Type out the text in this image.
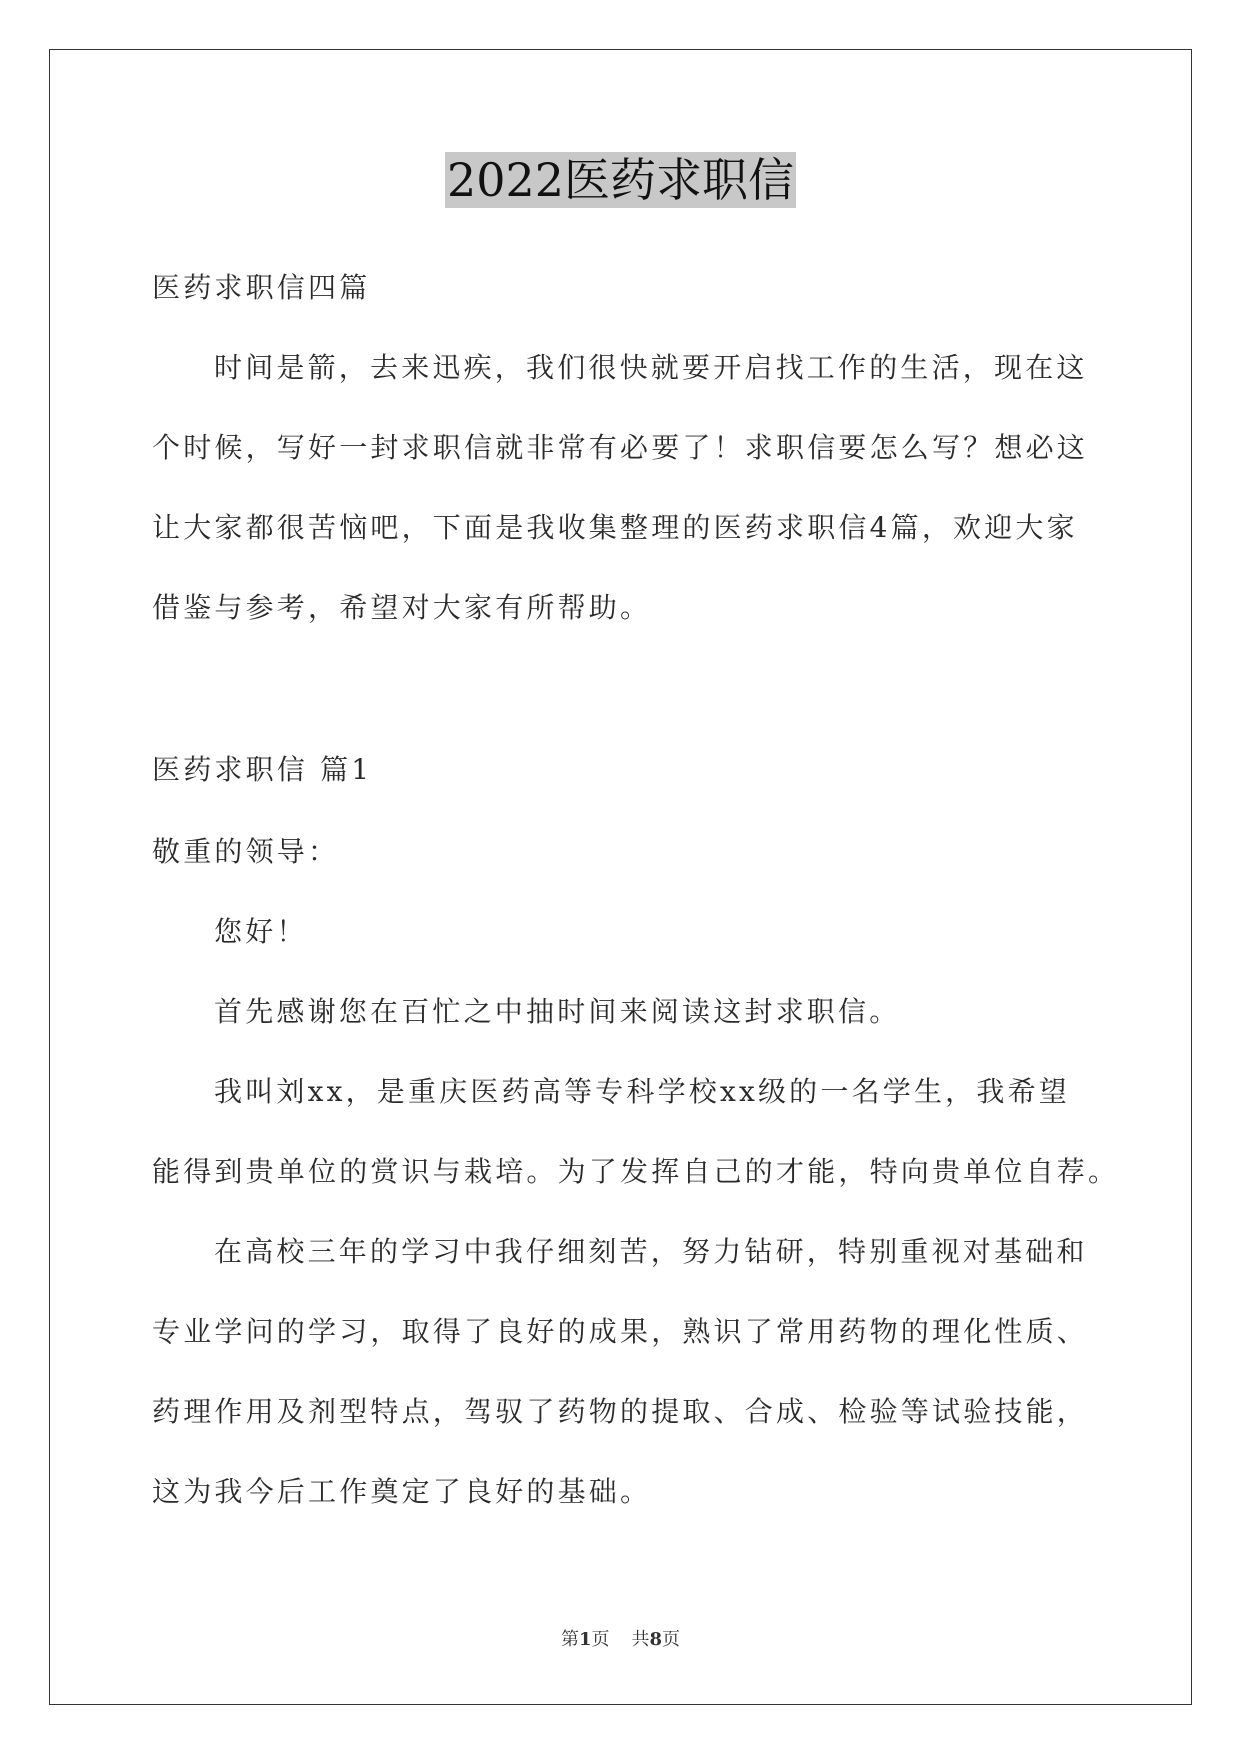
2022医药求职信
医药求职信四篇
时间是箭，去来迅疾，我们很快就要开启找工作的生活，现在这
个时候，写好一封求职信就非常有必要了！求职信要怎么写？想必这
让大家都很苦恼吧，下面是我收集整理的医药求职信4篇，欢迎大家
借鉴与参考，希望对大家有所帮助。
医药求职信 篇1
敬重的领导：
您好！
首先感谢您在百忙之中抽时间来阅读这封求职信。
我叫刘xx，是重庆医药高等专科学校xx级的一名学生，我希望
能得到贵单位的赏识与栽培。为了发挥自己的才能，特向贵单位自荐。
在高校三年的学习中我仔细刻苦，努力钻研，特别重视对基础和
专业学问的学习，取得了良好的成果，熟识了常用药物的理化性质、
药理作用及剂型特点，驾驭了药物的提取、合成、检验等试验技能，
这为我今后工作奠定了良好的基础。
第1页 共8页
